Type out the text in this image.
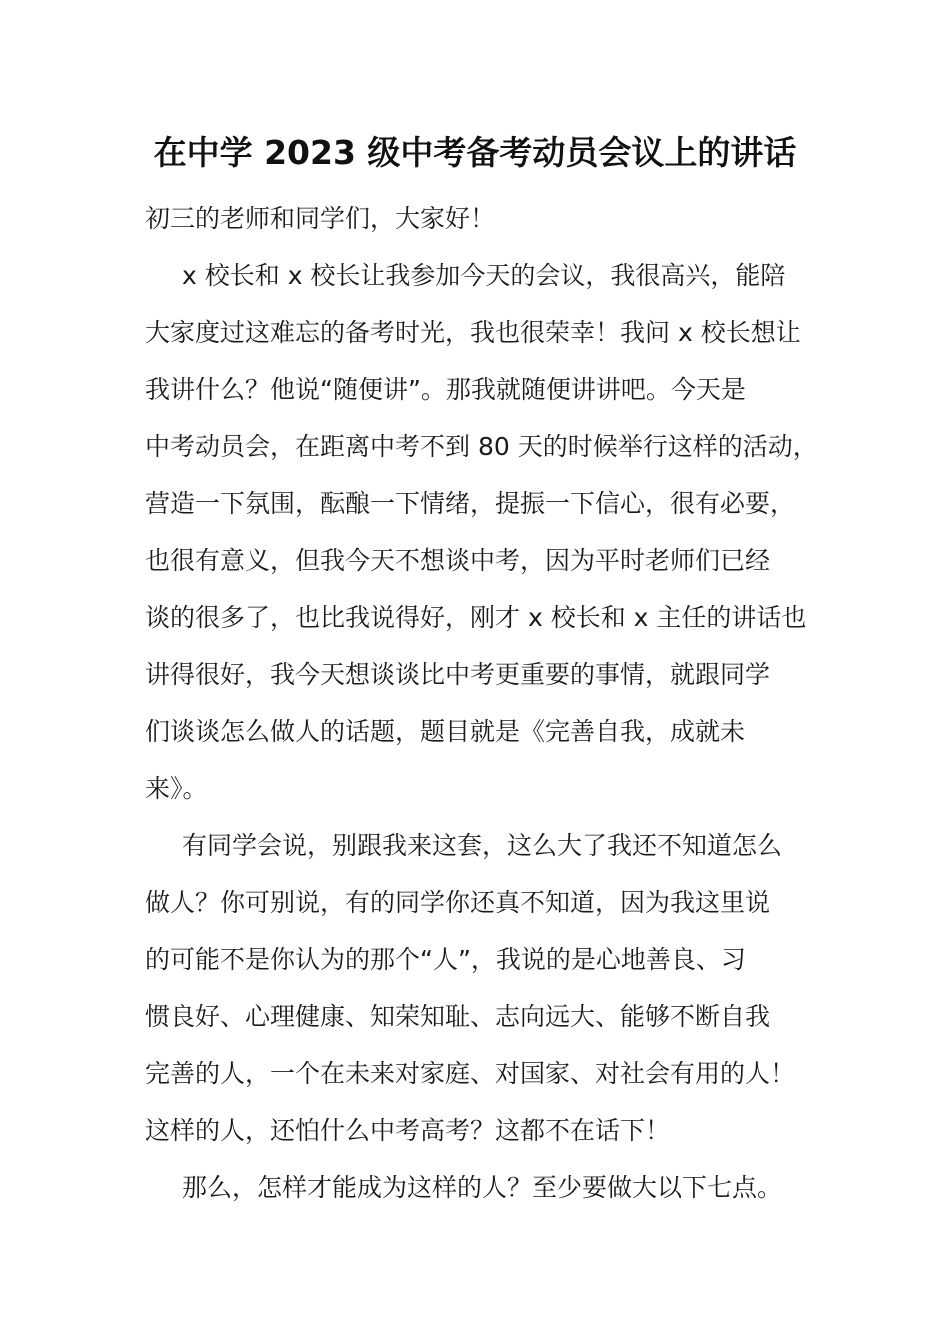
在中学 2023 级中考备考动员会议上的讲话
初三的老师和同学们，大家好！
x 校长和 x 校长让我参加今天的会议，我很高兴，能陪
大家度过这难忘的备考时光，我也很荣幸！我问 x 校长想让
我讲什么？他说“随便讲”。那我就随便讲讲吧。今天是
中考动员会，在距离中考不到 80 天的时候举行这样的活动，
营造一下氛围，酝酿一下情绪，提振一下信心，很有必要，
也很有意义，但我今天不想谈中考，因为平时老师们已经
谈的很多了，也比我说得好，刚才 x 校长和 x 主任的讲话也
讲得很好，我今天想谈谈比中考更重要的事情，就跟同学
们谈谈怎么做人的话题，题目就是《完善自我，成就未
来》。
有同学会说，别跟我来这套，这么大了我还不知道怎么
做人？你可别说，有的同学你还真不知道，因为我这里说
的可能不是你认为的那个“人”，我说的是心地善良、习
惯良好、心理健康、知荣知耻、志向远大、能够不断自我
完善的人，一个在未来对家庭、对国家、对社会有用的人！
这样的人，还怕什么中考高考？这都不在话下！
那么，怎样才能成为这样的人？至少要做大以下七点。
